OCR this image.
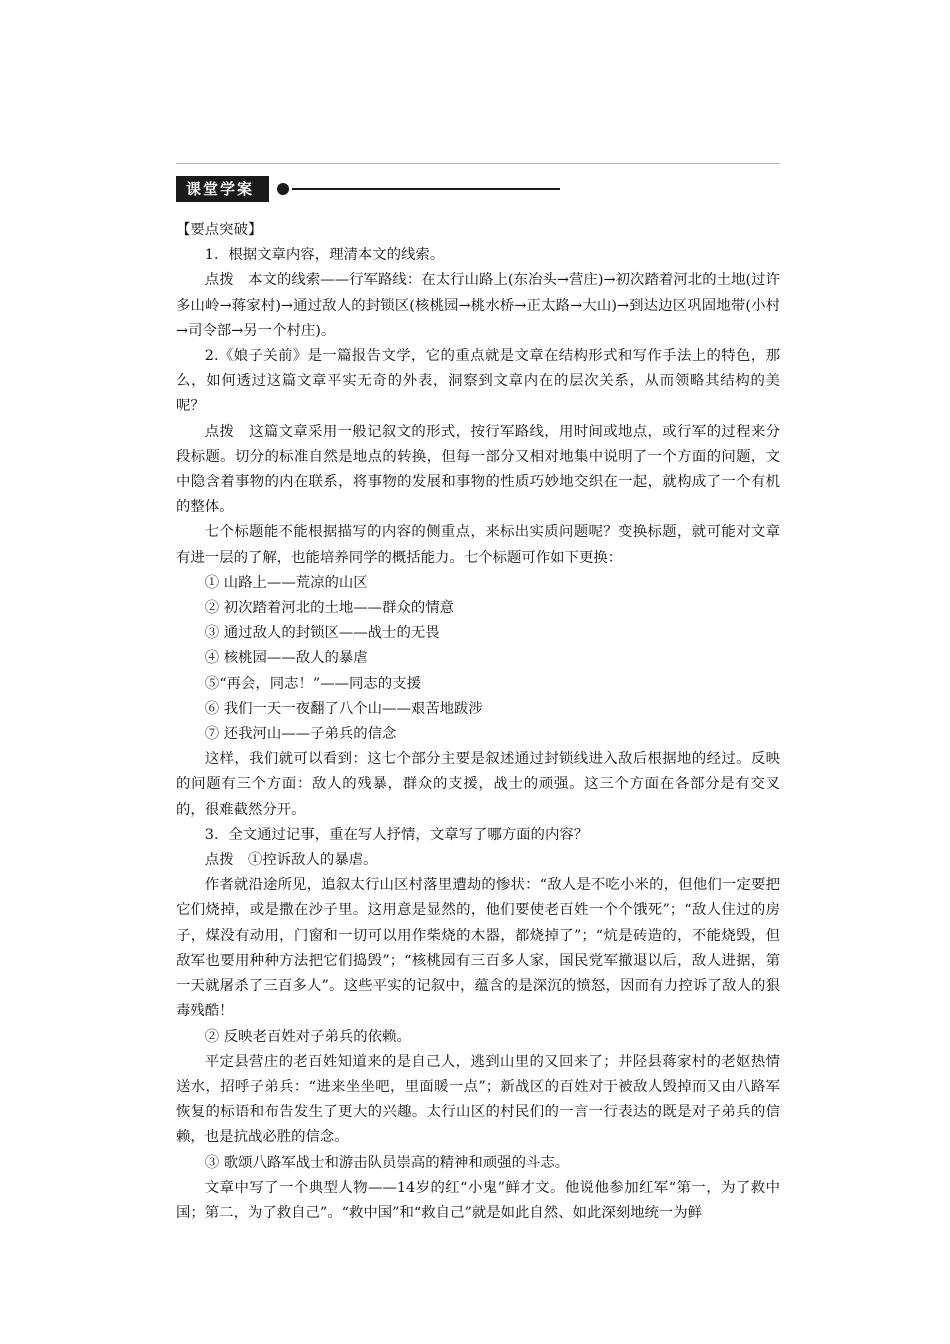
课堂学案

【要点突破】

1．根据文章内容，理清本文的线索。

点拨　本文的线索——行军路线：在太行山路上(东冶头→营庄)→初次踏着河北的土地(过许多山岭→蒋家村)→通过敌人的封锁区(核桃园→桃水桥→正太路→大山)→到达边区巩固地带(小村→司令部→另一个村庄)。

2.《娘子关前》是一篇报告文学，它的重点就是文章在结构形式和写作手法上的特色，那么，如何透过这篇文章平实无奇的外表，洞察到文章内在的层次关系，从而领略其结构的美呢？

点拨　这篇文章采用一般记叙文的形式，按行军路线，用时间或地点，或行军的过程来分段标题。切分的标准自然是地点的转换，但每一部分又相对地集中说明了一个方面的问题，文中隐含着事物的内在联系，将事物的发展和事物的性质巧妙地交织在一起，就构成了一个有机的整体。

七个标题能不能根据描写的内容的侧重点，来标出实质问题呢？变换标题，就可能对文章有进一层的了解，也能培养同学的概括能力。七个标题可作如下更换：

① 山路上——荒凉的山区

② 初次踏着河北的土地——群众的情意

③ 通过敌人的封锁区——战士的无畏

④ 核桃园——敌人的暴虐

⑤“再会，同志！”——同志的支援

⑥ 我们一天一夜翻了八个山——艰苦地跋涉

⑦ 还我河山——子弟兵的信念

这样，我们就可以看到：这七个部分主要是叙述通过封锁线进入敌后根据地的经过。反映的问题有三个方面：敌人的残暴，群众的支援，战士的顽强。这三个方面在各部分是有交叉的，很难截然分开。

3．全文通过记事，重在写人抒情，文章写了哪方面的内容？

点拨　①控诉敌人的暴虐。

作者就沿途所见，追叙太行山区村落里遭劫的惨状：“敌人是不吃小米的，但他们一定要把它们烧掉，或是撒在沙子里。这用意是显然的，他们要使老百姓一个个饿死”；“敌人住过的房子，煤没有动用，门窗和一切可以用作柴烧的木器，都烧掉了”；“炕是砖造的，不能烧毁，但敌军也要用种种方法把它们捣毁”；“核桃园有三百多人家，国民党军撤退以后，敌人进据，第一天就屠杀了三百多人”。这些平实的记叙中，蕴含的是深沉的愤怒，因而有力控诉了敌人的狠毒残酷！

② 反映老百姓对子弟兵的依赖。

平定县营庄的老百姓知道来的是自己人，逃到山里的又回来了；井陉县蒋家村的老妪热情送水，招呼子弟兵：“进来坐坐吧，里面暖一点”；新战区的百姓对于被敌人毁掉而又由八路军恢复的标语和布告发生了更大的兴趣。太行山区的村民们的一言一行表达的既是对子弟兵的信赖，也是抗战必胜的信念。

③ 歌颂八路军战士和游击队员崇高的精神和顽强的斗志。

文章中写了一个典型人物——14岁的红“小鬼”鲜才文。他说他参加红军“第一，为了救中国；第二，为了救自己”。“救中国”和“救自己”就是如此自然、如此深刻地统一为鲜
